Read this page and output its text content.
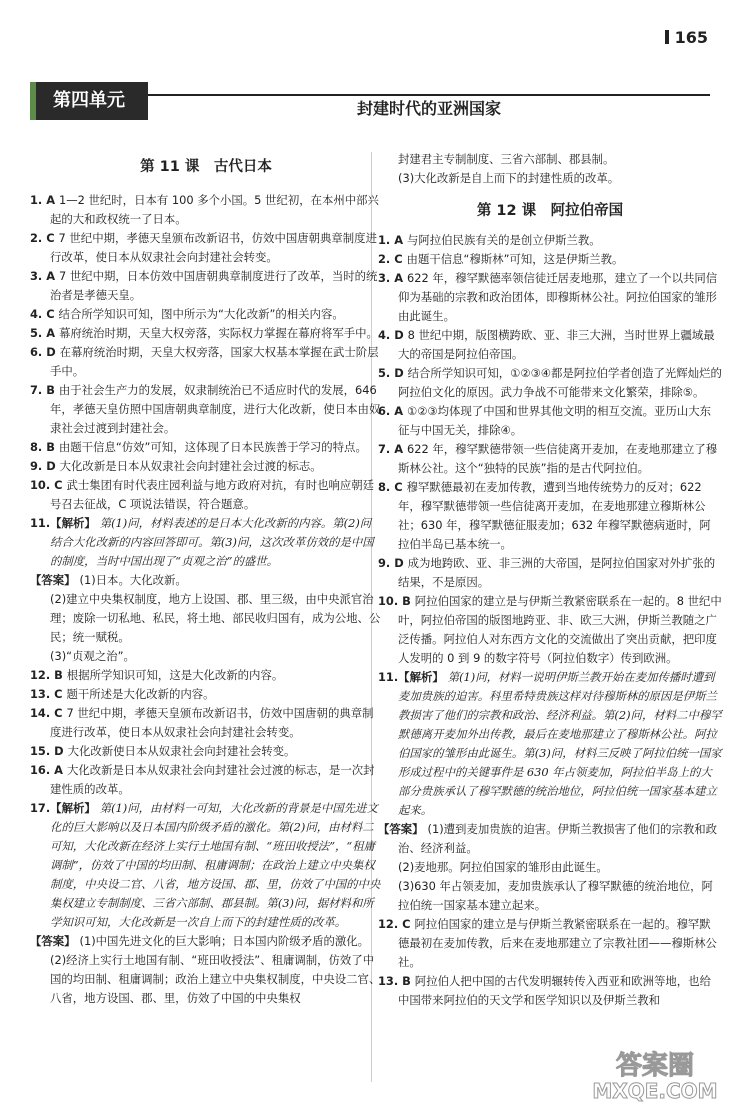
165
第四单元	封建时代的亚洲国家
第 11 课　古代日本

1. A 1—2 世纪时，日本有 100 多个小国。5 世纪初，在本州中部兴起的大和政权统一了日本。

2. C 7 世纪中期，孝德天皇颁布改新诏书，仿效中国唐朝典章制度进行改革，使日本从奴隶社会向封建社会转变。

3. A 7 世纪中期，日本仿效中国唐朝典章制度进行了改革，当时的统治者是孝德天皇。

4. C 结合所学知识可知，图中所示为“大化改新”的相关内容。

5. A 幕府统治时期，天皇大权旁落，实际权力掌握在幕府将军手中。

6. D 在幕府统治时期，天皇大权旁落，国家大权基本掌握在武士阶层手中。

7. B 由于社会生产力的发展，奴隶制统治已不适应时代的发展，646 年，孝德天皇仿照中国唐朝典章制度，进行大化改新，使日本由奴隶社会过渡到封建社会。

8. B 由题干信息“仿效”可知，这体现了日本民族善于学习的特点。

9. D 大化改新是日本从奴隶社会向封建社会过渡的标志。

10. C 武士集团有时代表庄园利益与地方政府对抗，有时也响应朝廷号召去征战，C 项说法错误，符合题意。

11.【解析】 第(1)问，材料表述的是日本大化改新的内容。第(2)问结合大化改新的内容回答即可。第(3)问，这次改革仿效的是中国的制度，当时中国出现了“贞观之治”的盛世。

【答案】 (1)日本。大化改新。

(2)建立中央集权制度，地方上设国、郡、里三级，由中央派官治理；废除一切私地、私民，将土地、部民收归国有，成为公地、公民；统一赋税。

(3)“贞观之治”。

12. B 根据所学知识可知，这是大化改新的内容。

13. C 题干所述是大化改新的内容。

14. C 7 世纪中期，孝德天皇颁布改新诏书，仿效中国唐朝的典章制度进行改革，使日本从奴隶社会向封建社会转变。

15. D 大化改新使日本从奴隶社会向封建社会转变。

16. A 大化改新是日本从奴隶社会向封建社会过渡的标志，是一次封建性质的改革。

17.【解析】 第(1)问，由材料一可知，大化改新的背景是中国先进文化的巨大影响以及日本国内阶级矛盾的激化。第(2)问，由材料二可知，大化改新在经济上实行土地国有制、“班田收授法”，“租庸调制”，仿效了中国的均田制、租庸调制；在政治上建立中央集权制度，中央设二官、八省，地方设国、郡、里，仿效了中国的中央集权建立专制制度、三省六部制、郡县制。第(3)问，据材料和所学知识可知，大化改新是一次自上而下的封建性质的改革。

【答案】 (1)中国先进文化的巨大影响；日本国内阶级矛盾的激化。

(2)经济上实行土地国有制、“班田收授法”、租庸调制，仿效了中国的均田制、租庸调制；政治上建立中央集权制度，中央设二官、八省，地方设国、郡、里，仿效了中国的中央集权

封建君主专制制度、三省六部制、郡县制。

(3)大化改新是自上而下的封建性质的改革。

第 12 课　阿拉伯帝国

1. A 与阿拉伯民族有关的是创立伊斯兰教。

2. C 由题干信息“穆斯林”可知，这是伊斯兰教。

3. A 622 年，穆罕默德率领信徒迁居麦地那，建立了一个以共同信仰为基础的宗教和政治团体，即穆斯林公社。阿拉伯国家的雏形由此诞生。

4. D 8 世纪中期，版图横跨欧、亚、非三大洲，当时世界上疆域最大的帝国是阿拉伯帝国。

5. D 结合所学知识可知，①②③④都是阿拉伯学者创造了光辉灿烂的阿拉伯文化的原因。武力争战不可能带来文化繁荣，排除⑤。

6. A ①②③均体现了中国和世界其他文明的相互交流。亚历山大东征与中国无关，排除④。

7. A 622 年，穆罕默德带领一些信徒离开麦加，在麦地那建立了穆斯林公社。这个“独特的民族”指的是古代阿拉伯。

8. C 穆罕默德最初在麦加传教，遭到当地传统势力的反对；622 年，穆罕默德带领一些信徒离开麦加，在麦地那建立穆斯林公社；630 年，穆罕默德征服麦加；632 年穆罕默德病逝时，阿拉伯半岛已基本统一。

9. D 成为地跨欧、亚、非三洲的大帝国，是阿拉伯国家对外扩张的结果，不是原因。

10. B 阿拉伯国家的建立是与伊斯兰教紧密联系在一起的。8 世纪中叶，阿拉伯帝国的版图地跨亚、非、欧三大洲，伊斯兰教随之广泛传播。阿拉伯人对东西方文化的交流做出了突出贡献，把印度人发明的 0 到 9 的数字符号（阿拉伯数字）传到欧洲。

11.【解析】 第(1)问，材料一说明伊斯兰教开始在麦加传播时遭到麦加贵族的迫害。科里希特贵族这样对待穆斯林的原因是伊斯兰教损害了他们的宗教和政治、经济利益。第(2)问，材料二中穆罕默德离开麦加外出传教，最后在麦地那建立了穆斯林公社。阿拉伯国家的雏形由此诞生。第(3)问，材料三反映了阿拉伯统一国家形成过程中的关键事件是 630 年占领麦加，阿拉伯半岛上的大部分贵族承认了穆罕默德的统治地位，阿拉伯统一国家基本建立起来。

【答案】 (1)遭到麦加贵族的迫害。伊斯兰教损害了他们的宗教和政治、经济利益。

(2)麦地那。阿拉伯国家的雏形由此诞生。

(3)630 年占领麦加，麦加贵族承认了穆罕默德的统治地位，阿拉伯统一国家基本建立起来。

12. C 阿拉伯国家的建立是与伊斯兰教紧密联系在一起的。穆罕默德最初在麦加传教，后来在麦地那建立了宗教社团——穆斯林公社。

13. B 阿拉伯人把中国的古代发明辗转传入西亚和欧洲等地，也给中国带来阿拉伯的天文学和医学知识以及伊斯兰教和

答案圈
MXQE.COM
